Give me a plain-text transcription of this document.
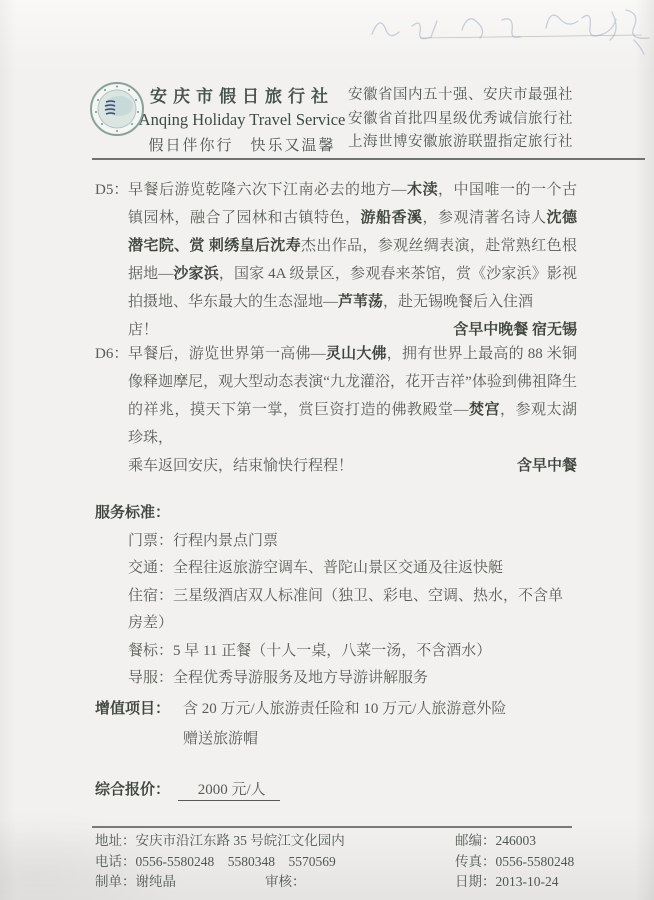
安庆市假日旅行社
Anqing Holiday Travel Service
假日伴你行　快乐又温馨
安徽省国内五十强、安庆市最强社
安徽省首批四星级优秀诚信旅行社
上海世博安徽旅游联盟指定旅行社
D5： 早餐后游览乾隆六次下江南必去的地方—木渎，中国唯一的一个古镇园林，融合了园林和古镇特色，游船香溪，参观清著名诗人沈德潜宅院、赏 刺绣皇后沈寿杰出作品，参观丝绸表演，赴常熟红色根据地—沙家浜，国家 4A 级景区，参观春来茶馆，赏《沙家浜》影视拍摄地、华东最大的生态湿地—芦苇荡，赴无锡晚餐后入住酒
店！	含早中晚餐 宿无锡
D6： 早餐后，游览世界第一高佛—灵山大佛，拥有世界上最高的 88 米铜像释迦摩尼，观大型动态表演“九龙灌浴，花开吉祥”体验到佛祖降生的祥兆，摸天下第一掌，赏巨资打造的佛教殿堂—焚宫，参观太湖珍珠，
乘车返回安庆，结束愉快行程程！	含早中餐
服务标准：
门票：行程内景点门票
交通：全程往返旅游空调车、普陀山景区交通及往返快艇
住宿：三星级酒店双人标准间（独卫、彩电、空调、热水，不含单房差）
餐标：5 早 11 正餐（十人一桌，八菜一汤，不含酒水）
导服：全程优秀导游服务及地方导游讲解服务
增值项目： 含 20 万元/人旅游责任险和 10 万元/人旅游意外险
赠送旅游帽
综合报价： 2000 元/人
地址：安庆市沿江东路 35 号皖江文化园内	邮编：246003
电话：0556-5580248　5580348　5570569	传真：0556-5580248
制单：谢纯晶	审核：	日期：2013-10-24
